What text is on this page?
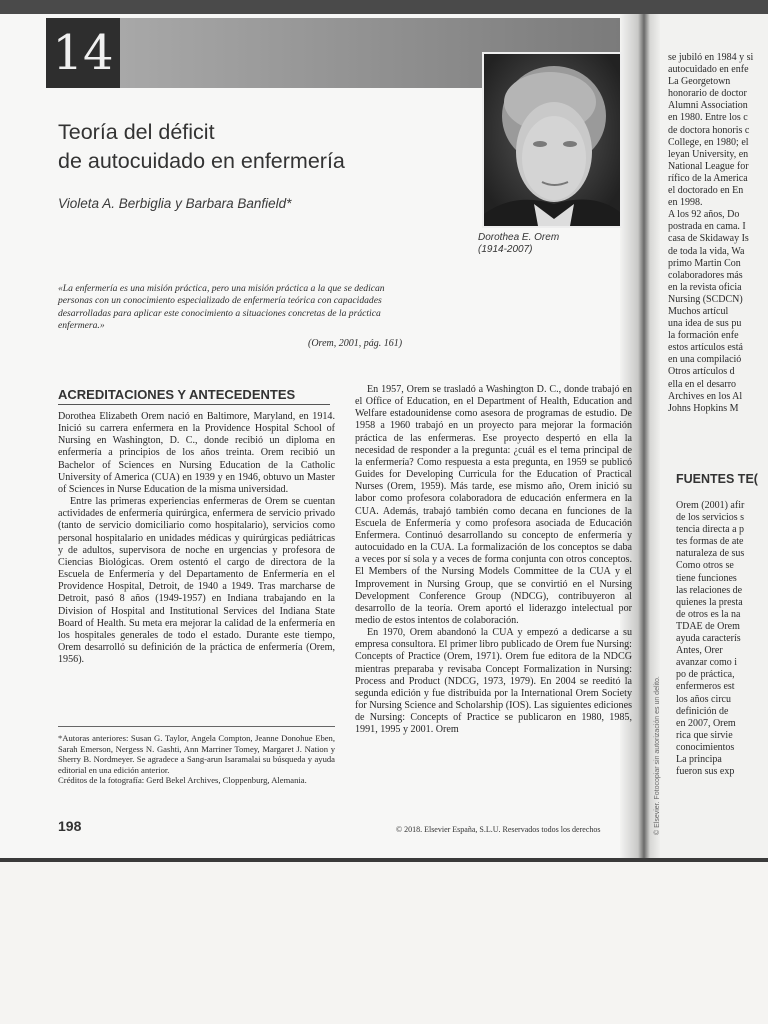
14
Dorothea E. Orem
(1914-2007)
Teoría del déficit
de autocuidado en enfermería
Violeta A. Berbiglia y Barbara Banfield*
«La enfermería es una misión práctica, pero una misión práctica a la que se dedican personas con un conocimiento especializado de enfermería teórica con capacidades desarrolladas para aplicar este conocimiento a situaciones concretas de la práctica enfermera.»
(Orem, 2001, pág. 161)
ACREDITACIONES Y ANTECEDENTES

Dorothea Elizabeth Orem nació en Baltimore, Maryland, en 1914. Inició su carrera enfermera en la Providence Hospital School of Nursing en Washington, D. C., donde recibió un diploma en enfermería a principios de los años treinta. Orem recibió un Bachelor of Sciences en Nursing Education de la Catholic University of America (CUA) en 1939 y en 1946, obtuvo un Master of Sciences in Nurse Education de la misma universidad.

Entre las primeras experiencias enfermeras de Orem se cuentan actividades de enfermería quirúrgica, enfermera de servicio privado (tanto de servicio domiciliario como hospitalario), servicios como personal hospitalario en unidades médicas y quirúrgicas pediátricas y de adultos, supervisora de noche en urgencias y profesora de Ciencias Biológicas. Orem ostentó el cargo de directora de la Escuela de Enfermería y del Departamento de Enfermería en el Providence Hospital, Detroit, de 1940 a 1949. Tras marcharse de Detroit, pasó 8 años (1949-1957) en Indiana trabajando en la Division of Hospital and Institutional Services del Indiana State Board of Health. Su meta era mejorar la calidad de la enfermería en los hospitales generales de todo el estado. Durante este tiempo, Orem desarrolló su definición de la práctica de enfermería (Orem, 1956).

*Autoras anteriores: Susan G. Taylor, Angela Compton, Jeanne Donohue Eben, Sarah Emerson, Nergess N. Gashti, Ann Marriner Tomey, Margaret J. Nation y Sherry B. Nordmeyer. Se agradece a Sang-arun Isaramalai su búsqueda y ayuda editorial en una edición anterior.
Créditos de la fotografía: Gerd Bekel Archives, Cloppenburg, Alemania.

En 1957, Orem se trasladó a Washington D. C., donde trabajó en el Office of Education, en el Department of Health, Education and Welfare estadounidense como asesora de programas de estudio. De 1958 a 1960 trabajó en un proyecto para mejorar la formación práctica de las enfermeras. Ese proyecto despertó en ella la necesidad de responder a la pregunta: ¿cuál es el tema principal de la enfermería? Como respuesta a esta pregunta, en 1959 se publicó Guides for Developing Curricula for the Education of Practical Nurses (Orem, 1959). Más tarde, ese mismo año, Orem inició su labor como profesora colaboradora de educación enfermera en la CUA. Además, trabajó también como decana en funciones de la Escuela de Enfermería y como profesora asociada de Educación Enfermera. Continuó desarrollando su concepto de enfermería y autocuidado en la CUA. La formalización de los conceptos se daba a veces por sí sola y a veces de forma conjunta con otros conceptos. El Members of the Nursing Models Committee de la CUA y el Improvement in Nursing Group, que se convirtió en el Nursing Development Conference Group (NDCG), contribuyeron al desarrollo de la teoría. Orem aportó el liderazgo intelectual por medio de estos intentos de colaboración.

En 1970, Orem abandonó la CUA y empezó a dedicarse a su empresa consultora. El primer libro publicado de Orem fue Nursing: Concepts of Practice (Orem, 1971). Orem fue editora de la NDCG mientras preparaba y revisaba Concept Formalization in Nursing: Process and Product (NDCG, 1973, 1979). En 2004 se reeditó la segunda edición y fue distribuida por la International Orem Society for Nursing Science and Scholarship (IOS). Las siguientes ediciones de Nursing: Concepts of Practice se publicaron en 1980, 1985, 1991, 1995 y 2001. Orem

198	© 2018. Elsevier España, S.L.U. Reservados todos los derechos
se jubiló en 1984 y si
autocuidado en enfe
La Georgetown
honorario de doctor
Alumni Association
en 1980. Entre los c
de doctora honoris c
College, en 1980; el
leyan University, en
National League for
rífico de la America
el doctorado en En
en 1998.
A los 92 años, Do
postrada en cama. I
casa de Skidaway Is
de toda la vida, Wa
primo Martin Con
colaboradores más
en la revista oficia
Nursing (SCDCN)
Muchos artícul
una idea de sus pu
la formación enfe
estos artículos está
en una compilació
Otros artículos d
ella en el desarro
Archives en los Al
Johns Hopkins M
FUENTES TE(
Orem (2001) afir
de los servicios s
tencia directa a p
tes formas de ate
naturaleza de sus
Como otros se
tiene funciones
las relaciones de
quienes la presta
de otros es la na
TDAE de Orem
ayuda caracterís
Antes, Orer
avanzar como i
po de práctica,
enfermeros est
los años circu
definición de
en 2007, Orem
rica que sirvie
conocimientos
La principa
fueron sus exp
© Elsevier. Fotocopiar sin autorización es un delito.
